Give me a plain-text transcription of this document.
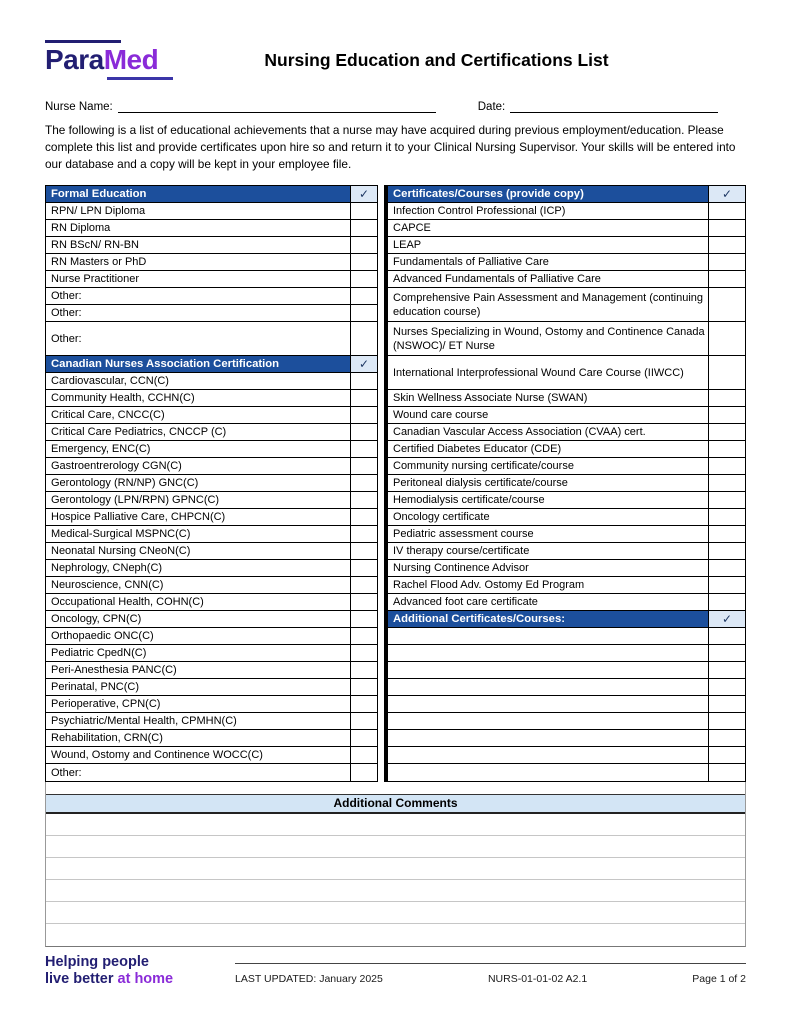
ParaMed	Nursing Education and Certifications List
Nurse Name:	Date:

The following is a list of educational achievements that a nurse may have acquired during previous employment/education. Please complete this list and provide certificates upon hire so and return it to your Clinical Nursing Supervisor. Your skills will be entered into our database and a copy will be kept in your employee file.

Formal Education	✓
RPN/ LPN Diploma
RN Diploma
RN BScN/ RN-BN
RN Masters or PhD
Nurse Practitioner
Other:
Other:
Other:
Canadian Nurses Association Certification	✓
Cardiovascular, CCN(C)
Community Health, CCHN(C)
Critical Care, CNCC(C)
Critical Care Pediatrics, CNCCP (C)
Emergency, ENC(C)
Gastroentrerology CGN(C)
Gerontology (RN/NP) GNC(C)
Gerontology (LPN/RPN) GPNC(C)
Hospice Palliative Care, CHPCN(C)
Medical-Surgical MSPNC(C)
Neonatal Nursing CNeoN(C)
Nephrology, CNeph(C)
Neuroscience, CNN(C)
Occupational Health, COHN(C)
Oncology, CPN(C)
Orthopaedic ONC(C)
Pediatric CpedN(C)
Peri-Anesthesia PANC(C)
Perinatal, PNC(C)
Perioperative, CPN(C)
Psychiatric/Mental Health, CPMHN(C)
Rehabilitation, CRN(C)
Wound, Ostomy and Continence WOCC(C)
Other:
Certificates/Courses (provide copy)	✓
Infection Control Professional (ICP)
CAPCE
LEAP
Fundamentals of Palliative Care
Advanced Fundamentals of Palliative Care
Comprehensive Pain Assessment and Management (continuing education course)
Nurses Specializing in Wound, Ostomy and Continence Canada (NSWOC)/ ET Nurse
International Interprofessional Wound Care Course (IIWCC)
Skin Wellness Associate Nurse (SWAN)
Wound care course
Canadian Vascular Access Association (CVAA) cert.
Certified Diabetes Educator (CDE)
Community nursing certificate/course
Peritoneal dialysis certificate/course
Hemodialysis certificate/course
Oncology certificate
Pediatric assessment course
IV therapy course/certificate
Nursing Continence Advisor
Rachel Flood Adv. Ostomy Ed Program
Advanced foot care certificate
Additional Certificates/Courses:	✓
Additional Comments
Helping people
live better at home	LAST UPDATED: January 2025	NURS-01-01-02 A2.1	Page 1 of 2
